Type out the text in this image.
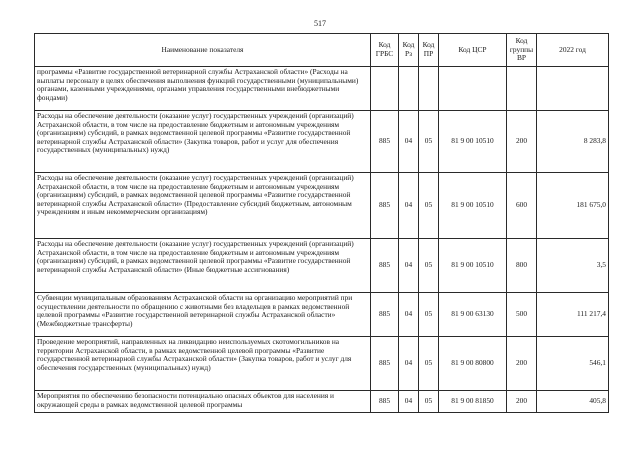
517
Наименование показателя	Код ГРБС	Код Рз	Код ПР	Код ЦСР	Код группы ВР	2022 год
программы «Развитие государственной ветеринарной службы Астраханской области» (Расходы на выплаты персоналу в целях обеспечения выполнения функций государственными (муниципальными) органами, казенными учреждениями, органами управления государственными внебюджетными фондами)						
Расходы на обеспечение деятельности (оказание услуг) государственных учреждений (организаций) Астраханской области, в том числе на предоставление бюджетным и автономным учреждениям (организациям) субсидий, в рамках ведомственной целевой программы «Развитие государственной ветеринарной службы Астраханской области» (Закупка товаров, работ и услуг для обеспечения государственных (муниципальных) нужд)	885	04	05	81 9 00 10510	200	8 283,8
Расходы на обеспечение деятельности (оказание услуг) государственных учреждений (организаций) Астраханской области, в том числе на предоставление бюджетным и автономным учреждениям (организациям) субсидий, в рамках ведомственной целевой программы «Развитие государственной ветеринарной службы Астраханской области» (Предоставление субсидий бюджетным, автономным учреждениям и иным некоммерческим организациям)	885	04	05	81 9 00 10510	600	181 675,0
Расходы на обеспечение деятельности (оказание услуг) государственных учреждений (организаций) Астраханской области, в том числе на предоставление бюджетным и автономным учреждениям (организациям) субсидий, в рамках ведомственной целевой программы «Развитие государственной ветеринарной службы Астраханской области» (Иные бюджетные ассигнования)	885	04	05	81 9 00 10510	800	3,5
Субвенции муниципальным образованиям Астраханской области на организацию мероприятий при осуществлении деятельности по обращению с животными без владельцев в рамках ведомственной целевой программы «Развитие государственной ветеринарной службы Астраханской области» (Межбюджетные трансферты)	885	04	05	81 9 00 63130	500	111 217,4
Проведение мероприятий, направленных на ликвидацию неиспользуемых скотомогильников на территории Астраханской области, в рамках ведомственной целевой программы «Развитие государственной ветеринарной службы Астраханской области» (Закупка товаров, работ и услуг для обеспечения государственных (муниципальных) нужд)	885	04	05	81 9 00 80800	200	546,1
Мероприятия по обеспечению безопасности потенциально опасных объектов для населения и окружающей среды в рамках ведомственной целевой программы	885	04	05	81 9 00 81850	200	405,8
